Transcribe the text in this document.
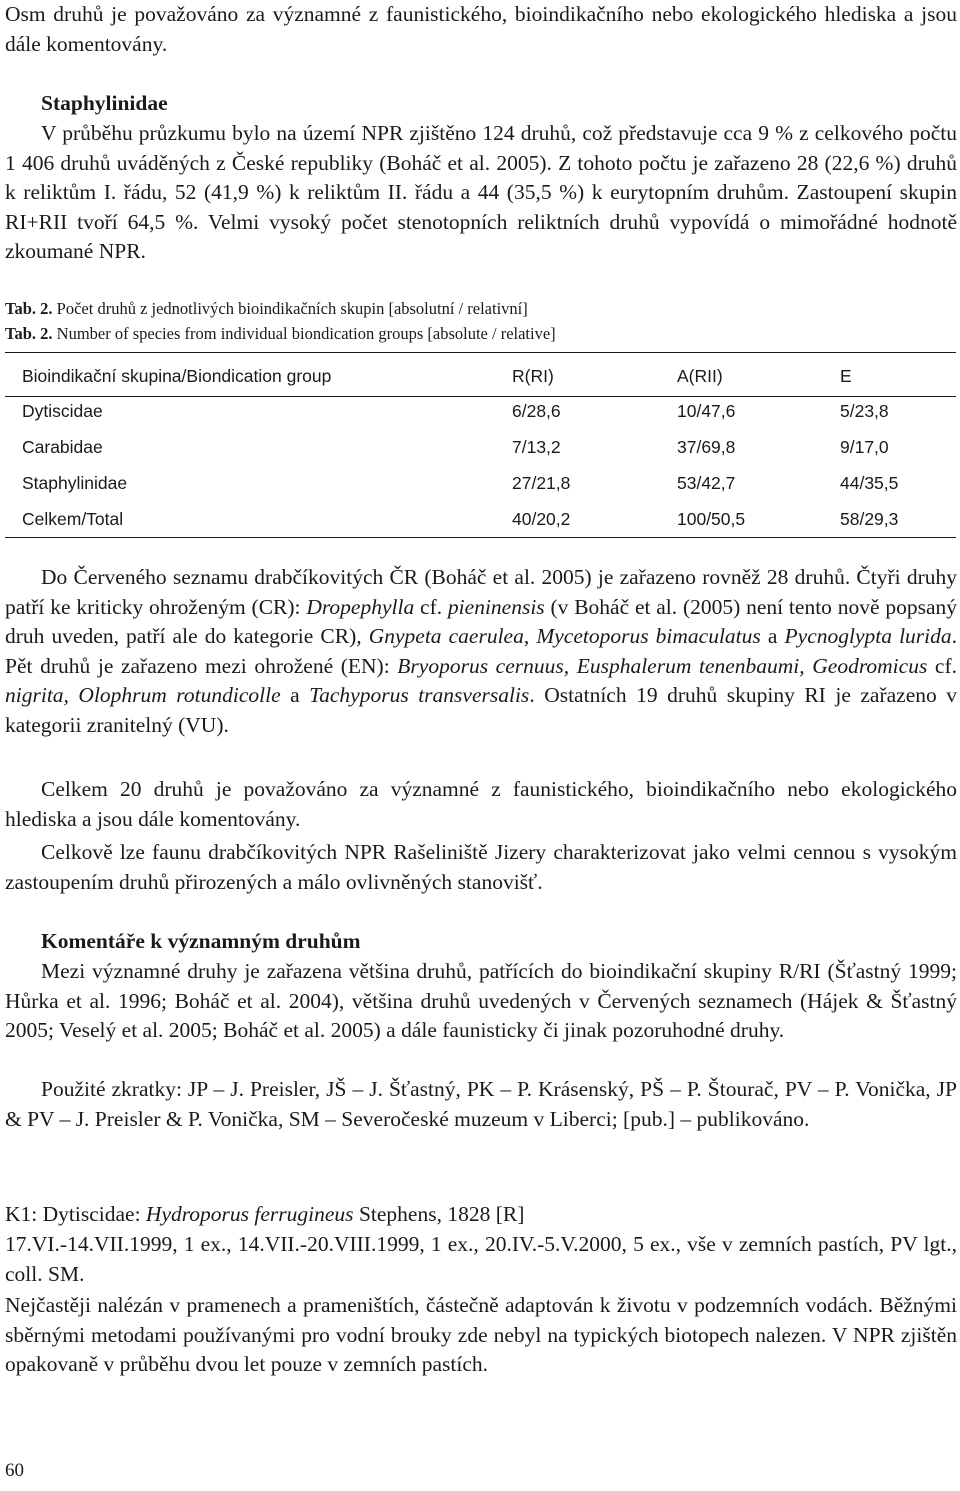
Osm druhů je považováno za významné z faunistického, bioindikačního nebo ekologického hlediska a jsou dále komentovány.
Staphylinidae
V průběhu průzkumu bylo na území NPR zjištěno 124 druhů, což představuje cca 9 % z celkového počtu 1 406 druhů uváděných z České republiky (Boháč et al. 2005). Z tohoto počtu je zařazeno 28 (22,6 %) druhů k reliktům I. řádu, 52 (41,9 %) k reliktům II. řádu a 44 (35,5 %) k eurytopním druhům. Zastoupení skupin RI+RII tvoří 64,5 %. Velmi vysoký počet stenotopních reliktních druhů vypovídá o mimořádné hodnotě zkoumané NPR.
Tab. 2. Počet druhů z jednotlivých bioindikačních skupin [absolutní / relativní]
Tab. 2. Number of species from individual biondication groups [absolute / relative]
Bioindikační skupina/Biondication group	R(RI)	A(RII)	E
Dytiscidae	6/28,6	10/47,6	5/23,8
Carabidae	7/13,2	37/69,8	9/17,0
Staphylinidae	27/21,8	53/42,7	44/35,5
Celkem/Total	40/20,2	100/50,5	58/29,3
Do Červeného seznamu drabčíkovitých ČR (Boháč et al. 2005) je zařazeno rovněž 28 druhů. Čtyři druhy patří ke kriticky ohroženým (CR): Dropephylla cf. pieninensis (v Boháč et al. (2005) není tento nově popsaný druh uveden, patří ale do kategorie CR), Gnypeta caerulea, Mycetoporus bimaculatus a Pycnoglypta lurida. Pět druhů je zařazeno mezi ohrožené (EN): Bryoporus cernuus, Eusphalerum tenenbaumi, Geodromicus cf. nigrita, Olophrum rotundicolle a Tachyporus transversalis. Ostatních 19 druhů skupiny RI je zařazeno v kategorii zranitelný (VU).
Celkem 20 druhů je považováno za významné z faunistického, bioindikačního nebo ekologického hlediska a jsou dále komentovány.
Celkově lze faunu drabčíkovitých NPR Rašeliniště Jizery charakterizovat jako velmi cennou s vysokým zastoupením druhů přirozených a málo ovlivněných stanovišť.
Komentáře k významným druhům
Mezi významné druhy je zařazena většina druhů, patřících do bioindikační skupiny R/RI (Šťastný 1999; Hůrka et al. 1996; Boháč et al. 2004), většina druhů uvedených v Červených seznamech (Hájek & Šťastný 2005; Veselý et al. 2005; Boháč et al. 2005) a dále faunisticky či jinak pozoruhodné druhy.
Použité zkratky: JP – J. Preisler, JŠ – J. Šťastný, PK – P. Krásenský, PŠ – P. Štourač, PV – P. Vonička, JP & PV – J. Preisler & P. Vonička, SM – Severočeské muzeum v Liberci; [pub.] – publikováno.
K1: Dytiscidae: Hydroporus ferrugineus Stephens, 1828 [R]
17.VI.-14.VII.1999, 1 ex., 14.VII.-20.VIII.1999, 1 ex., 20.IV.-5.V.2000, 5 ex., vše v zemních pastích, PV lgt., coll. SM.
Nejčastěji nalézán v pramenech a prameništích, částečně adaptován k životu v podzemních vodách. Běžnými sběrnými metodami používanými pro vodní brouky zde nebyl na typických biotopech nalezen. V NPR zjištěn opakovaně v průběhu dvou let pouze v zemních pastích.
60
